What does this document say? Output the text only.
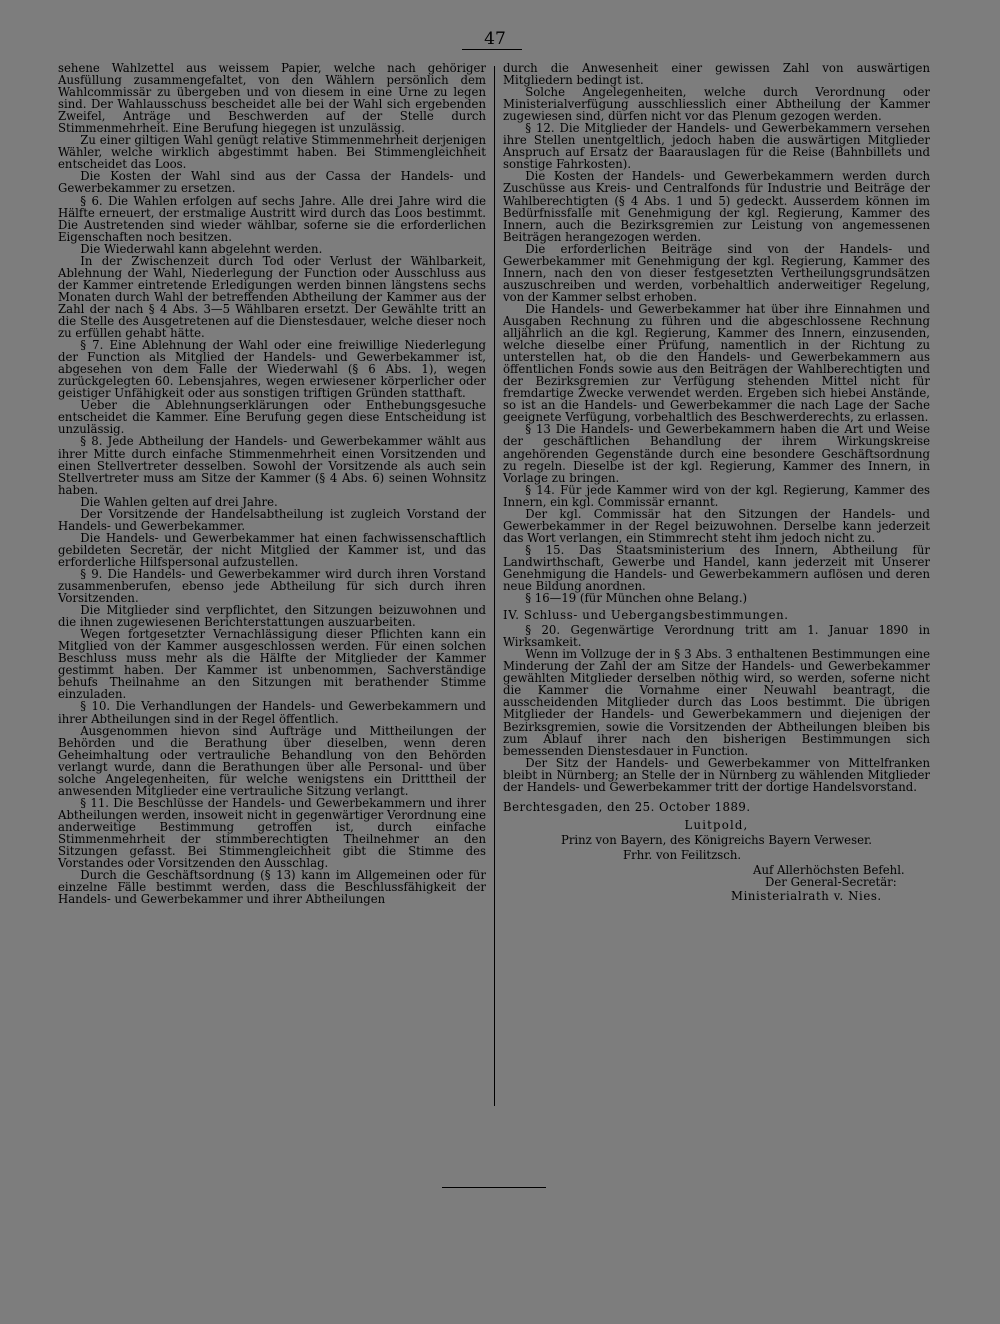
47

sehene Wahlzettel aus weissem Papier, welche nach gehöriger Ausfüllung zusammengefaltet, von den Wählern persönlich dem Wahlcommissär zu übergeben und von diesem in eine Urne zu legen sind. Der Wahlausschuss bescheidet alle bei der Wahl sich ergebenden Zweifel, Anträge und Beschwerden auf der Stelle durch Stimmenmehrheit. Eine Berufung hiegegen ist unzulässig.

Zu einer giltigen Wahl genügt relative Stimmenmehrheit derjenigen Wähler, welche wirklich abgestimmt haben. Bei Stimmengleichheit entscheidet das Loos.

Die Kosten der Wahl sind aus der Cassa der Handels- und Gewerbekammer zu ersetzen.

§ 6. Die Wahlen erfolgen auf sechs Jahre. Alle drei Jahre wird die Hälfte erneuert, der erstmalige Austritt wird durch das Loos bestimmt. Die Austretenden sind wieder wählbar, soferne sie die erforderlichen Eigenschaften noch besitzen.

Die Wiederwahl kann abgelehnt werden.

In der Zwischenzeit durch Tod oder Verlust der Wählbarkeit, Ablehnung der Wahl, Niederlegung der Function oder Ausschluss aus der Kammer eintretende Erledigungen werden binnen längstens sechs Monaten durch Wahl der betreffenden Abtheilung der Kammer aus der Zahl der nach § 4 Abs. 3—5 Wählbaren ersetzt. Der Gewählte tritt an die Stelle des Ausgetretenen auf die Dienstesdauer, welche dieser noch zu erfüllen gehabt hätte.

§ 7. Eine Ablehnung der Wahl oder eine freiwillige Niederlegung der Function als Mitglied der Handels- und Gewerbekammer ist, abgesehen von dem Falle der Wiederwahl (§ 6 Abs. 1), wegen zurückgelegten 60. Lebensjahres, wegen erwiesener körperlicher oder geistiger Unfähigkeit oder aus sonstigen triftigen Gründen statthaft.

Ueber die Ablehnungserklärungen oder Enthebungsgesuche entscheidet die Kammer. Eine Berufung gegen diese Entscheidung ist unzulässig.

§ 8. Jede Abtheilung der Handels- und Gewerbekammer wählt aus ihrer Mitte durch einfache Stimmenmehrheit einen Vorsitzenden und einen Stellvertreter desselben. Sowohl der Vorsitzende als auch sein Stellvertreter muss am Sitze der Kammer (§ 4 Abs. 6) seinen Wohnsitz haben.

Die Wahlen gelten auf drei Jahre.

Der Vorsitzende der Handelsabtheilung ist zugleich Vorstand der Handels- und Gewerbekammer.

Die Handels- und Gewerbekammer hat einen fachwissenschaftlich gebildeten Secretär, der nicht Mitglied der Kammer ist, und das erforderliche Hilfspersonal aufzustellen.

§ 9. Die Handels- und Gewerbekammer wird durch ihren Vorstand zusammenberufen, ebenso jede Abtheilung für sich durch ihren Vorsitzenden.

Die Mitglieder sind verpflichtet, den Sitzungen beizuwohnen und die ihnen zugewiesenen Berichterstattungen auszuarbeiten.

Wegen fortgesetzter Vernachlässigung dieser Pflichten kann ein Mitglied von der Kammer ausgeschlossen werden. Für einen solchen Beschluss muss mehr als die Hälfte der Mitglieder der Kammer gestimmt haben. Der Kammer ist unbenommen, Sachverständige behufs Theilnahme an den Sitzungen mit berathender Stimme einzuladen.

§ 10. Die Verhandlungen der Handels- und Gewerbekammern und ihrer Abtheilungen sind in der Regel öffentlich.

Ausgenommen hievon sind Aufträge und Mittheilungen der Behörden und die Berathung über dieselben, wenn deren Geheimhaltung oder vertrauliche Behandlung von den Behörden verlangt wurde, dann die Berathungen über alle Personal- und über solche Angelegenheiten, für welche wenigstens ein Dritttheil der anwesenden Mitglieder eine vertrauliche Sitzung verlangt.

§ 11. Die Beschlüsse der Handels- und Gewerbekammern und ihrer Abtheilungen werden, insoweit nicht in gegenwärtiger Verordnung eine anderweitige Bestimmung getroffen ist, durch einfache Stimmenmehrheit der stimmberechtigten Theilnehmer an den Sitzungen gefasst. Bei Stimmengleichheit gibt die Stimme des Vorstandes oder Vorsitzenden den Ausschlag.

Durch die Geschäftsordnung (§ 13) kann im Allgemeinen oder für einzelne Fälle bestimmt werden, dass die Beschlussfähigkeit der Handels- und Gewerbekammer und ihrer Abtheilungen

durch die Anwesenheit einer gewissen Zahl von auswärtigen Mitgliedern bedingt ist.

Solche Angelegenheiten, welche durch Verordnung oder Ministerialverfügung ausschliesslich einer Abtheilung der Kammer zugewiesen sind, dürfen nicht vor das Plenum gezogen werden.

§ 12. Die Mitglieder der Handels- und Gewerbekammern versehen ihre Stellen unentgeltlich, jedoch haben die auswärtigen Mitglieder Anspruch auf Ersatz der Baarauslagen für die Reise (Bahnbillets und sonstige Fahrkosten).

Die Kosten der Handels- und Gewerbekammern werden durch Zuschüsse aus Kreis- und Centralfonds für Industrie und Beiträge der Wahlberechtigten (§ 4 Abs. 1 und 5) gedeckt. Ausserdem können im Bedürfnissfalle mit Genehmigung der kgl. Regierung, Kammer des Innern, auch die Bezirksgremien zur Leistung von angemessenen Beiträgen herangezogen werden.

Die erforderlichen Beiträge sind von der Handels- und Gewerbekammer mit Genehmigung der kgl. Regierung, Kammer des Innern, nach den von dieser festgesetzten Vertheilungsgrundsätzen auszuschreiben und werden, vorbehaltlich anderweitiger Regelung, von der Kammer selbst erhoben.

Die Handels- und Gewerbekammer hat über ihre Einnahmen und Ausgaben Rechnung zu führen und die abgeschlossene Rechnung alljährlich an die kgl. Regierung, Kammer des Innern, einzusenden, welche dieselbe einer Prüfung, namentlich in der Richtung zu unterstellen hat, ob die den Handels- und Gewerbekammern aus öffentlichen Fonds sowie aus den Beiträgen der Wahlberechtigten und der Bezirksgremien zur Verfügung stehenden Mittel nicht für fremdartige Zwecke verwendet werden. Ergeben sich hiebei Anstände, so ist an die Handels- und Gewerbekammer die nach Lage der Sache geeignete Verfügung, vorbehaltlich des Beschwerderechts, zu erlassen.

§ 13 Die Handels- und Gewerbekammern haben die Art und Weise der geschäftlichen Behandlung der ihrem Wirkungskreise angehörenden Gegenstände durch eine besondere Geschäftsordnung zu regeln. Dieselbe ist der kgl. Regierung, Kammer des Innern, in Vorlage zu bringen.

§ 14. Für jede Kammer wird von der kgl. Regierung, Kammer des Innern, ein kgl. Commissär ernannt.

Der kgl. Commissär hat den Sitzungen der Handels- und Gewerbekammer in der Regel beizuwohnen. Derselbe kann jederzeit das Wort verlangen, ein Stimmrecht steht ihm jedoch nicht zu.

§ 15. Das Staatsministerium des Innern, Abtheilung für Landwirthschaft, Gewerbe und Handel, kann jederzeit mit Unserer Genehmigung die Handels- und Gewerbekammern auflösen und deren neue Bildung anordnen.

§ 16—19 (für München ohne Belang.)

IV. Schluss- und Uebergangsbestimmungen.

§ 20. Gegenwärtige Verordnung tritt am 1. Januar 1890 in Wirksamkeit.

Wenn im Vollzuge der in § 3 Abs. 3 enthaltenen Bestimmungen eine Minderung der Zahl der am Sitze der Handels- und Gewerbekammer gewählten Mitglieder derselben nöthig wird, so werden, soferne nicht die Kammer die Vornahme einer Neuwahl beantragt, die ausscheidenden Mitglieder durch das Loos bestimmt. Die übrigen Mitglieder der Handels- und Gewerbekammern und diejenigen der Bezirksgremien, sowie die Vorsitzenden der Abtheilungen bleiben bis zum Ablauf ihrer nach den bisherigen Bestimmungen sich bemessenden Dienstesdauer in Function.

Der Sitz der Handels- und Gewerbekammer von Mittelfranken bleibt in Nürnberg; an Stelle der in Nürnberg zu wählenden Mitglieder der Handels- und Gewerbekammer tritt der dortige Handelsvorstand.

Berchtesgaden, den 25. October 1889.

Luitpold,

Prinz von Bayern, des Königreichs Bayern Verweser.

Frhr. von Feilitzsch.

Auf Allerhöchsten Befehl.

Der General-Secretär:

Ministerialrath v. Nies.
